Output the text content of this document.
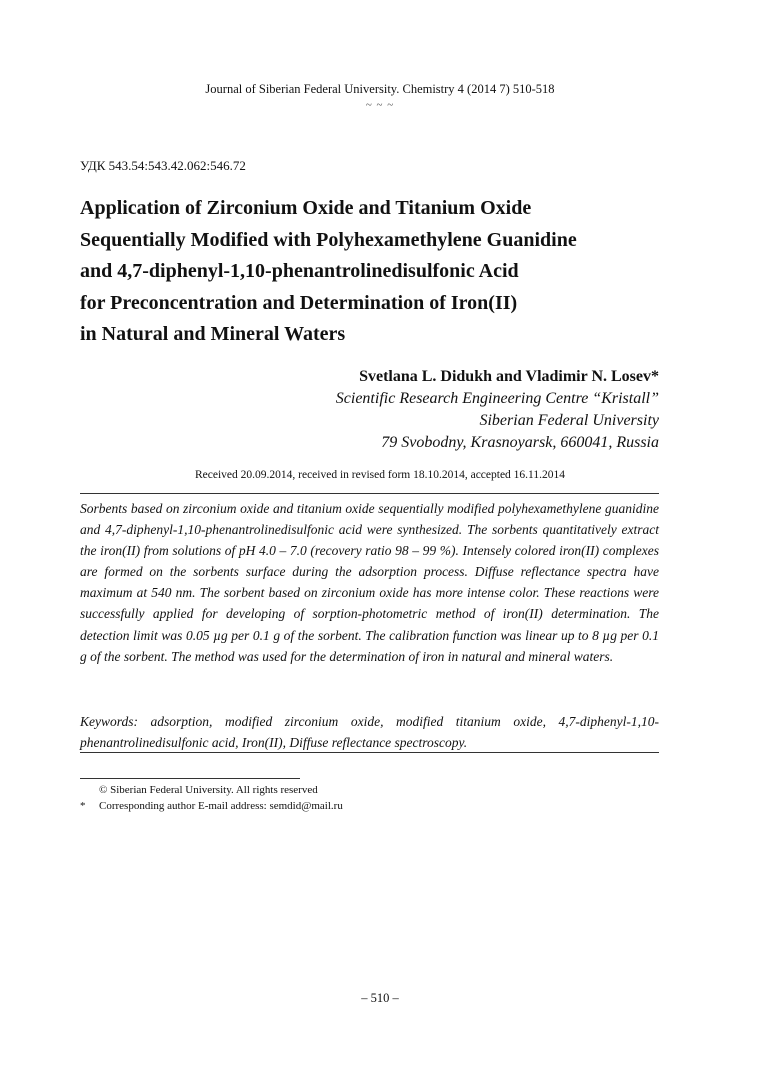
Journal of Siberian Federal University. Chemistry 4 (2014 7) 510-518
~ ~ ~
УДК 543.54:543.42.062:546.72
Application of Zirconium Oxide and Titanium Oxide
Sequentially Modified with Polyhexamethylene Guanidine
and 4,7-diphenyl-1,10-phenantrolinedisulfonic Acid
for Preconcentration and Determination of Iron(II)
in Natural and Mineral Waters
Svetlana L. Didukh and Vladimir N. Losev*
Scientific Research Engineering Centre “Kristall”
Siberian Federal University
79 Svobodny, Krasnoyarsk, 660041, Russia
Received 20.09.2014, received in revised form 18.10.2014, accepted 16.11.2014
Sorbents based on zirconium oxide and titanium oxide sequentially modified polyhexamethylene guanidine and 4,7-diphenyl-1,10-phenantrolinedisulfonic acid were synthesized. The sorbents quantitatively extract the iron(II) from solutions of pH 4.0 – 7.0 (recovery ratio 98 – 99 %). Intensely colored iron(II) complexes are formed on the sorbents surface during the adsorption process. Diffuse reflectance spectra have maximum at 540 nm. The sorbent based on zirconium oxide has more intense color. These reactions were successfully applied for developing of sorption-photometric method of iron(II) determination. The detection limit was 0.05 µg per 0.1 g of the sorbent. The calibration function was linear up to 8 µg per 0.1 g of the sorbent. The method was used for the determination of iron in natural and mineral waters.
Keywords: adsorption, modified zirconium oxide, modified titanium oxide, 4,7-diphenyl-1,10-phenantrolinedisulfonic acid, Iron(II), Diffuse reflectance spectroscopy.
© Siberian Federal University. All rights reserved
*	Corresponding author E-mail address: semdid@mail.ru
– 510 –
